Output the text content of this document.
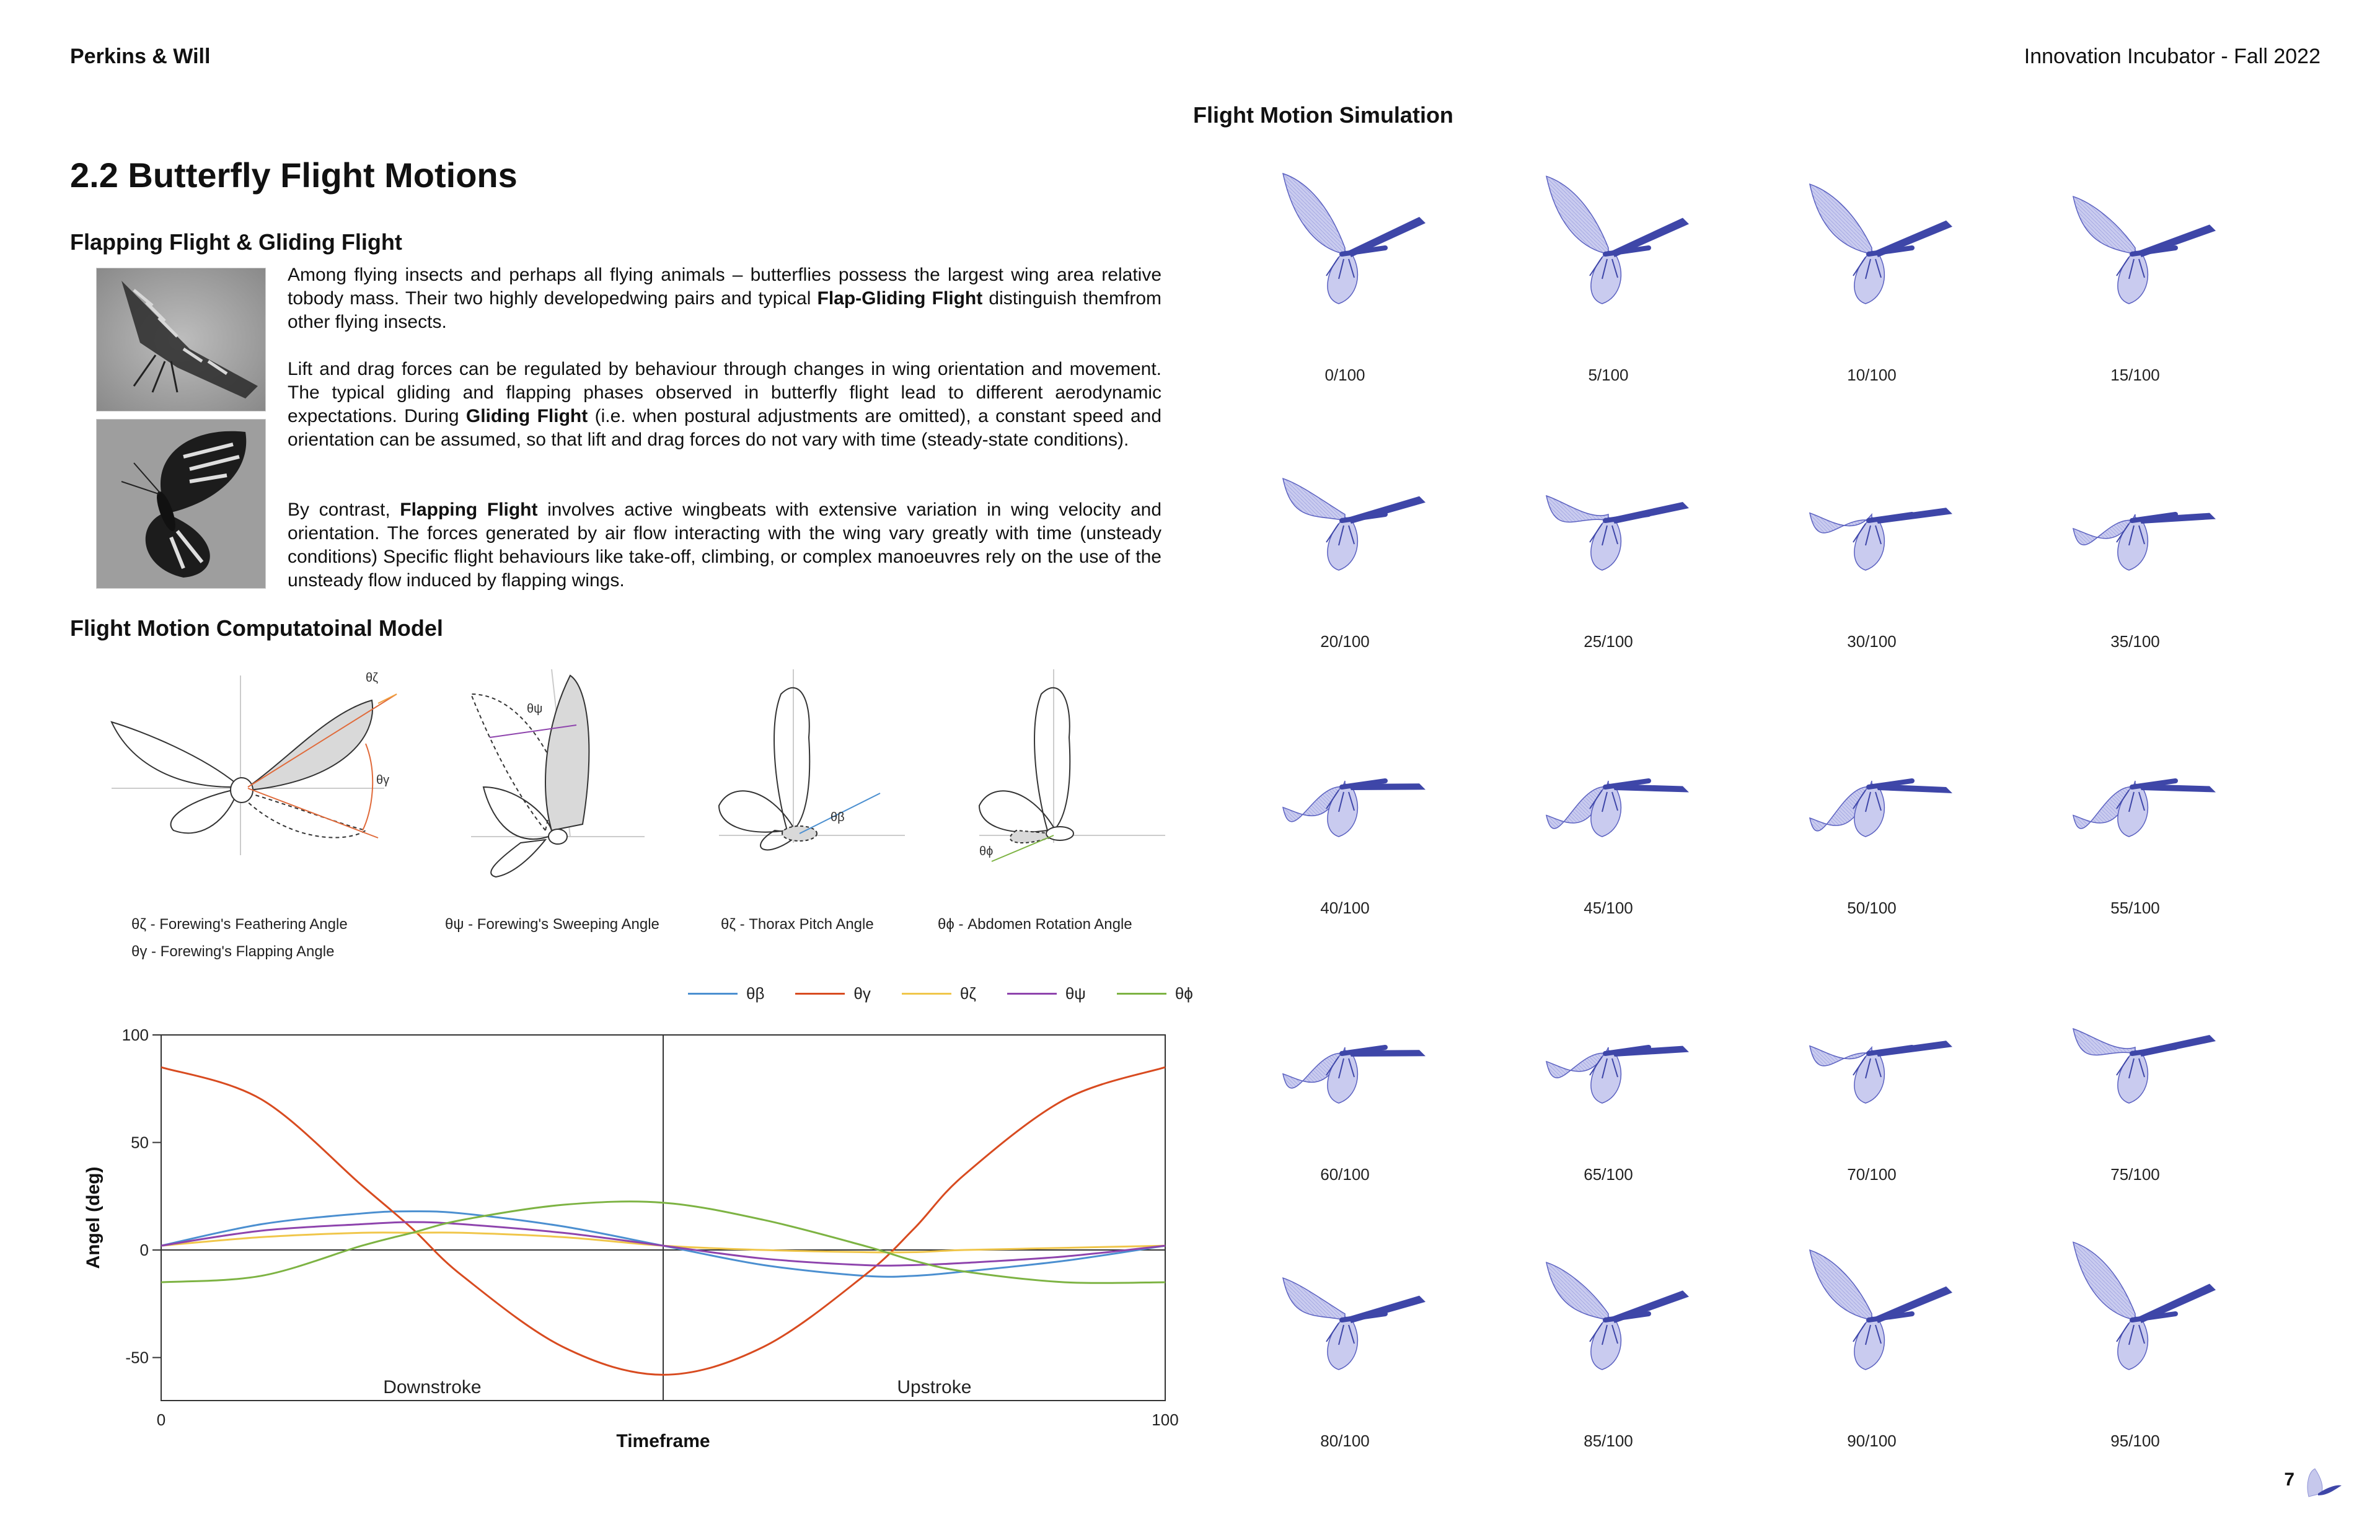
Perkins & Will	Innovation Incubator - Fall 2022
2.2 Butterfly Flight Motions
Flapping Flight & Gliding Flight
Among flying insects and perhaps all flying animals – butterflies possess the largest wing area relative tobody mass. Their two highly developedwing pairs and typical Flap-Gliding Flight distinguish themfrom other flying insects.
Lift and drag forces can be regulated by behaviour through changes in wing orientation and movement. The typical gliding and flapping phases observed in butterfly flight lead to different aerodynamic expectations. During Gliding Flight (i.e. when postural adjustments are omitted), a constant speed and orientation can be assumed, so that lift and drag forces do not vary with time (steady-state conditions).
By contrast, Flapping Flight involves active wingbeats with extensive variation in wing velocity and orientation. The forces generated by air flow interacting with the wing vary greatly with time (unsteady conditions) Specific flight behaviours like take-off, climbing, or complex manoeuvres rely on the use of the unsteady flow induced by flapping wings.
Flight Motion Computatoinal Model
θζ
θγ
θψ
θβ
θϕ
θζ - Forewing's Feathering Angle
θγ - Forewing's Flapping Angle
θψ - Forewing's Sweeping Angle	θζ - Thorax Pitch Angle	θϕ - Abdomen Rotation Angle
θβ	θγ	θζ	θψ	θϕ
100
50
0
-50
0	100
Timeframe
Angel (deg)
Downstroke	Upstroke
Flight Motion Simulation
0/100	5/100	10/100	15/100
20/100	25/100	30/100	35/100
40/100	45/100	50/100	55/100
60/100	65/100	70/100	75/100
80/100	85/100	90/100	95/100
7
